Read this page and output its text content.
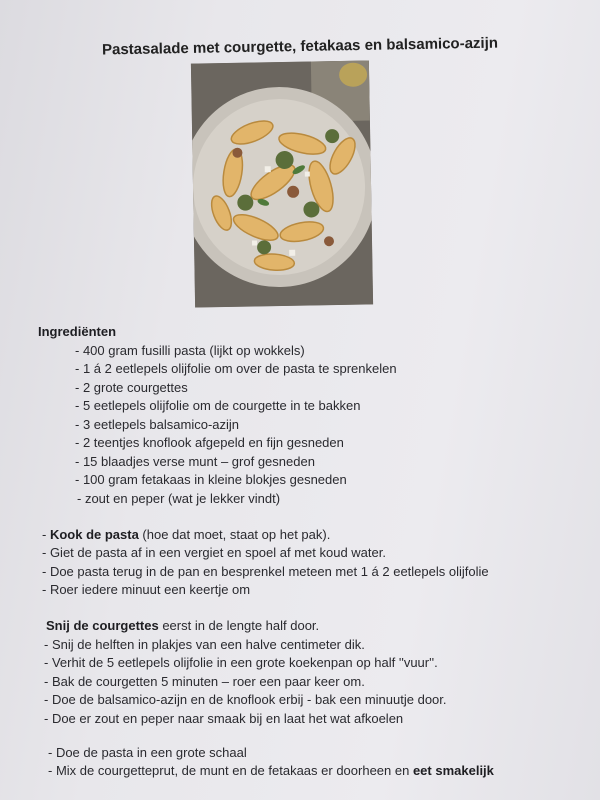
Pastasalade met courgette, fetakaas en balsamico-azijn
Ingrediënten
- 400 gram fusilli pasta (lijkt op wokkels)
- 1 á 2 eetlepels olijfolie om over de pasta te sprenkelen
- 2 grote courgettes
- 5 eetlepels olijfolie om de courgette in te bakken
- 3 eetlepels balsamico-azijn
- 2 teentjes knoflook afgepeld en fijn gesneden
- 15 blaadjes verse munt – grof gesneden
- 100 gram fetakaas in kleine blokjes gesneden
- zout en peper (wat je lekker vindt)
- Kook de pasta (hoe dat moet, staat op het pak).
- Giet de pasta af in een vergiet en spoel af met koud water.
- Doe pasta terug in de pan en besprenkel meteen met 1 á 2 eetlepels olijfolie
- Roer iedere minuut een keertje om
Snij de courgettes eerst in de lengte half door.
- Snij de helften in plakjes van een halve centimeter dik.
- Verhit de 5 eetlepels olijfolie in een grote koekenpan op half ''vuur''.
- Bak de courgetten 5 minuten – roer een paar keer om.
- Doe de balsamico-azijn en de knoflook erbij - bak een minuutje door.
- Doe er zout en peper naar smaak bij en laat het wat afkoelen
- Doe de pasta in een grote schaal
- Mix de courgetteprut, de munt en de fetakaas er doorheen en eet smakelijk
